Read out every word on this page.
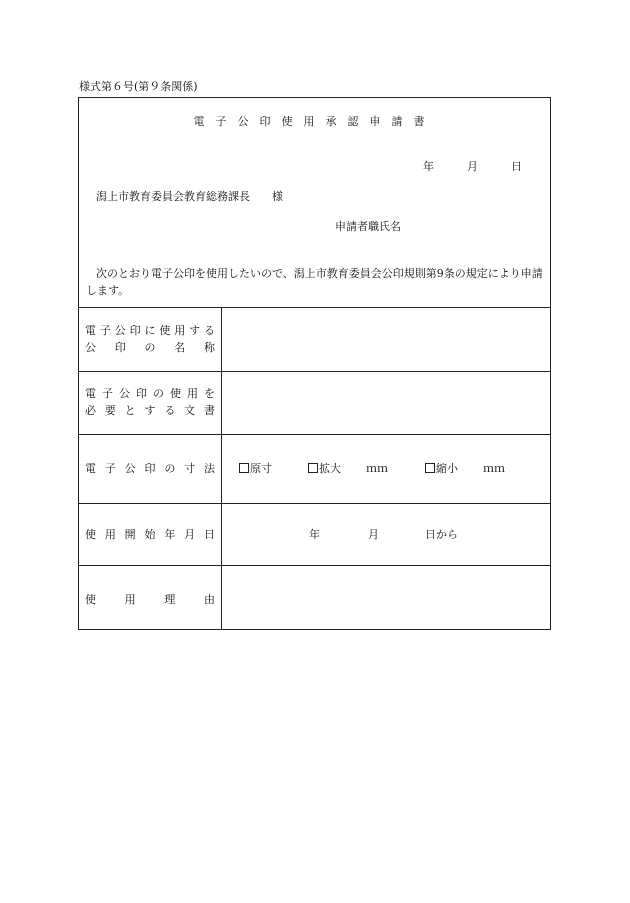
様式第６号(第９条関係)
電子公印使用承認申請書
年	月	日
潟上市教育委員会教育総務課長　　様
申請者職氏名
次のとおり電子公印を使用したいので、潟上市教育委員会公印規則第9条の規定により申請します。
電子公印に使用する
公　印　の　名　称
電子公印の使用を
必要とする文書
電子公印の寸法	原寸	拡大 ｍｍ	縮小 ｍｍ
使用開始年月日	年	月	日から
使　用　理　由
